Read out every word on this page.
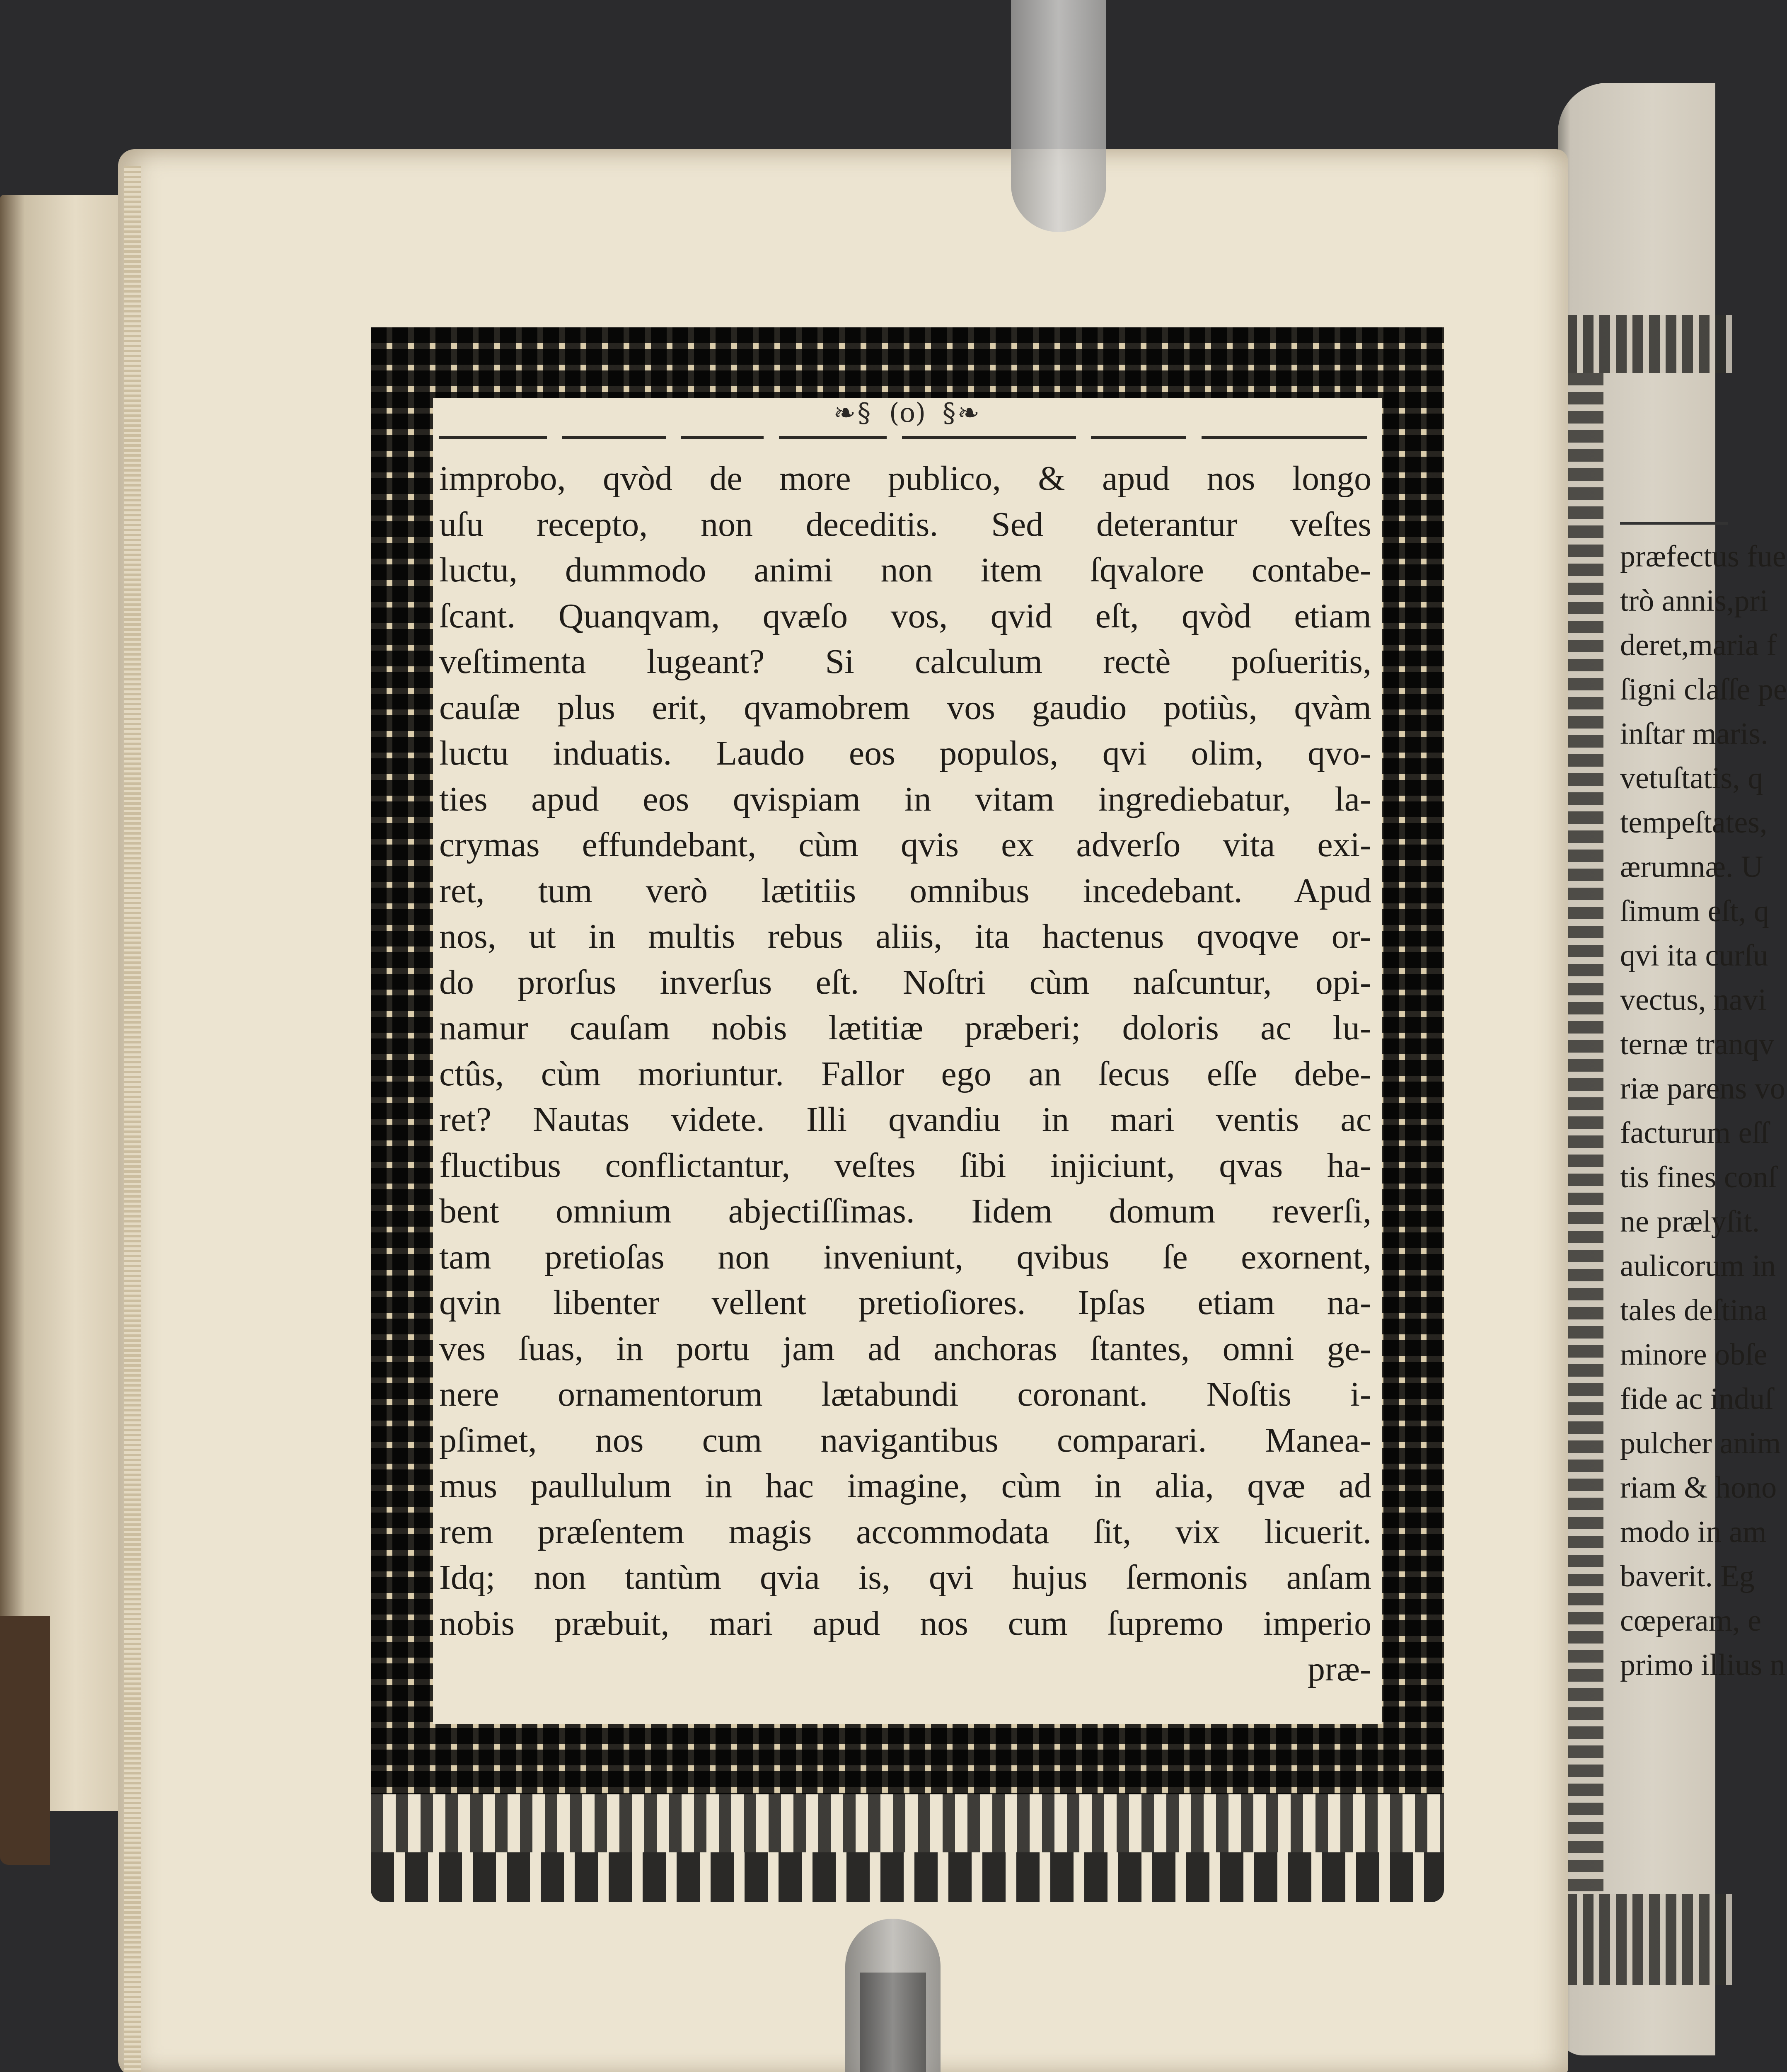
præfectus fue
trò annis,pri
deret,maria f
ſigni claſſe pe
inſtar maris.
vetuſtatis, q
tempeſtates,
ærumnæ. U
ſimum eſt, q
qvi ita curſu
vectus, navi
ternæ tranqv
riæ parens vo
facturum eſſ
tis fines conſ
ne prælуſit.
aulicorum in
tales deſtina
minore obſe
fide ac induſ
pulcher anim
riam & hono
modo in am
baverit. Eg
cœperam, e
primo illius n
❧§ (o) §❧
improbo, qvòd de more publico, & apud nos longo
uſu recepto, non deceditis. Sed deterantur veſtes
luctu, dummodo animi non item ſqvalore contabe-
ſcant. Quanqvam, qvæſo vos, qvid eſt, qvòd etiam
veſtimenta lugeant? Si calculum rectè poſueritis,
cauſæ plus erit, qvamobrem vos gaudio potiùs, qvàm
luctu induatis. Laudo eos populos, qvi olim, qvo-
ties apud eos qvispiam in vitam ingrediebatur, la-
crymas effundebant, cùm qvis ex adverſo vita exi-
ret, tum verò lætitiis omnibus incedebant. Apud
nos, ut in multis rebus aliis, ita hactenus qvoqve or-
do prorſus inverſus eſt. Noſtri cùm naſcuntur, opi-
namur cauſam nobis lætitiæ præberi; doloris ac lu-
ctûs, cùm moriuntur. Fallor ego an ſecus eſſe debe-
ret? Nautas videte. Illi qvandiu in mari ventis ac
fluctibus conflictantur, veſtes ſibi injiciunt, qvas ha-
bent omnium abjectiſſimas. Iidem domum reverſi,
tam pretioſas non inveniunt, qvibus ſe exornent,
qvin libenter vellent pretioſiores. Ipſas etiam na-
ves ſuas, in portu jam ad anchoras ſtantes, omni ge-
nere ornamentorum lætabundi coronant. Noſtis i-
pſimet, nos cum navigantibus comparari. Manea-
mus paullulum in hac imagine, cùm in alia, qvæ ad
rem præſentem magis accommodata ſit, vix licuerit.
Idq; non tantùm qvia is, qvi hujus ſermonis anſam
nobis præbuit, mari apud nos cum ſupremo imperio
præ-
